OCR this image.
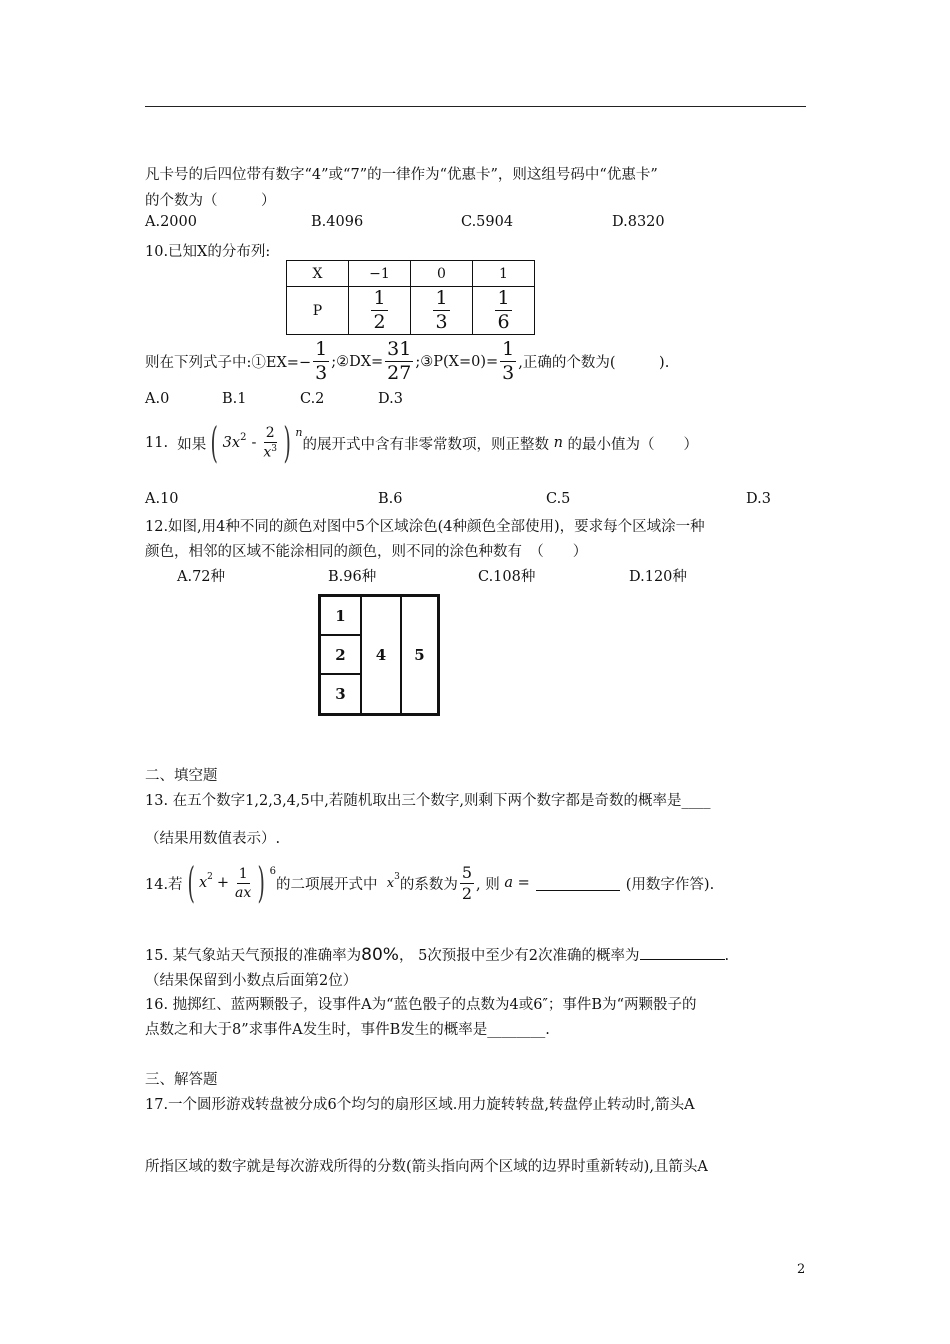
凡卡号的后四位带有数字“4”或“7”的一律作为“优惠卡”，则这组号码中“优惠卡”
的个数为（　　　）
A.2000	B.4096	C.5904	D.8320
10.已知X的分布列:
X	−1	0	1
P	$\frac{1}{2}$	$\frac{1}{3}$	$\frac{1}{6}$
则在下列式子中:①EX=− $\frac{1}{3}$ ;②DX= $\frac{31}{27}$ ;③P(X=0)= $\frac{1}{3}$ ,正确的个数为(　　　).
A.0	B.1	C.2	D.3
11.
如果 ( $3x^2 - \frac{2}{x^3}$ ) $^n$
的展开式中含有非零常数项，则正整数
n
的最小值为（　　）
A.10	B.6	C.5	D.3
12.如图,用4种不同的颜色对图中5个区域涂色(4种颜色全部使用)，要求每个区域涂一种
颜色，相邻的区域不能涂相同的颜色，则不同的涂色种数有　（　　）
A.72种	B.96种	C.108种	D.120种
1
2
3
4	5
二、填空题
13. 在五个数字1,2,3,4,5中,若随机取出三个数字,则剩下两个数字都是奇数的概率是____
（结果用数值表示）.
14.若 ( $x^2 + \frac{1}{ax}$ ) $^6$
的二项展开式中
$x^3$ 的系数为 $\frac{5}{2}$ , 则
a =	(用数字作答).
15. 某气象站天气预报的准确率为 80% ， 5次预报中至少有2次准确的概率为	.
（结果保留到小数点后面第2位）
16. 抛掷红、蓝两颗骰子，设事件A为“蓝色骰子的点数为4或6″；事件B为“两颗骰子的
点数之和大于8”求事件A发生时，事件B发生的概率是________.
三、解答题
17.一个圆形游戏转盘被分成6个均匀的扇形区域.用力旋转转盘,转盘停止转动时,箭头A
所指区域的数字就是每次游戏所得的分数(箭头指向两个区域的边界时重新转动),且箭头A
2
